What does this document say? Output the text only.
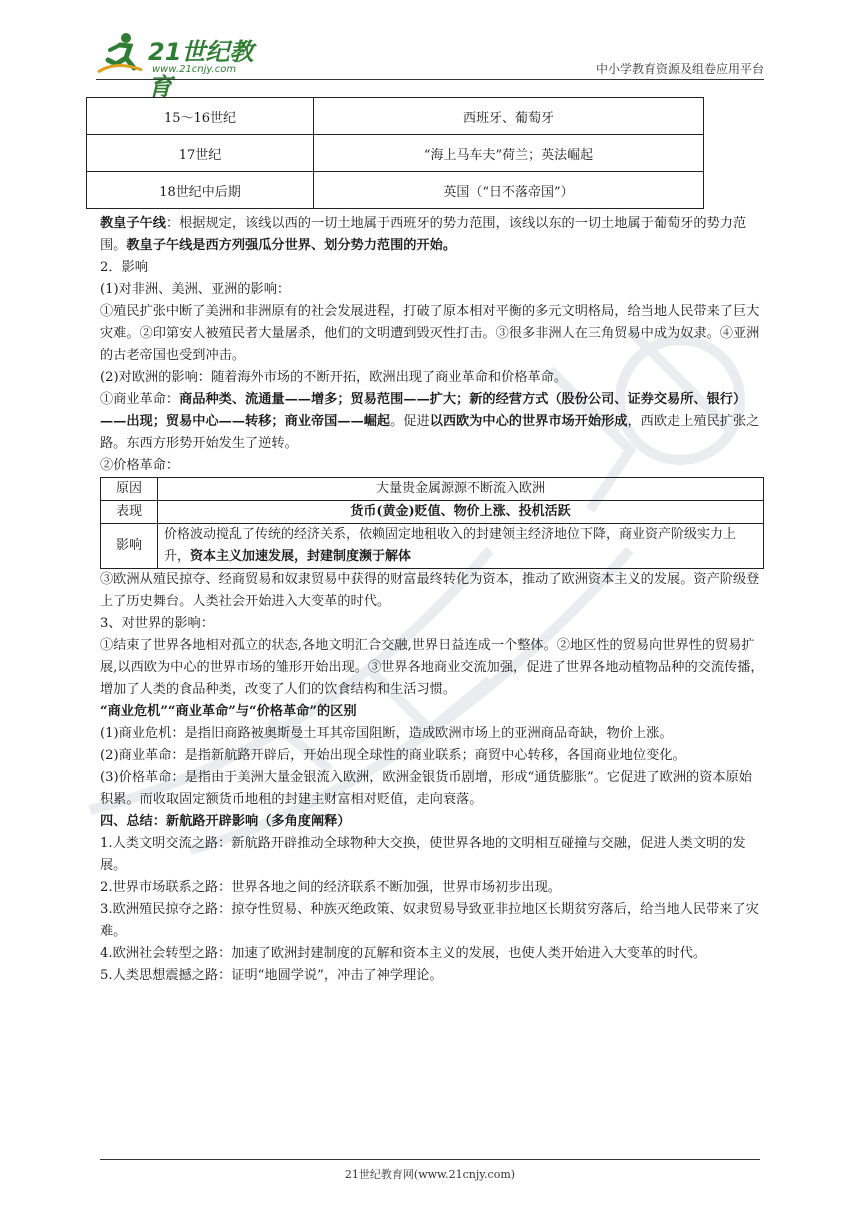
21世纪教育
www.21cnjy.com	中小学教育资源及组卷应用平台
15～16世纪	西班牙、葡萄牙
17世纪	“海上马车夫”荷兰；英法崛起
18世纪中后期	英国（“日不落帝国”）

教皇子午线：根据规定，该线以西的一切土地属于西班牙的势力范围，该线以东的一切土地属于葡萄牙的势力范围。教皇子午线是西方列强瓜分世界、划分势力范围的开始。

2．影响

(1)对非洲、美洲、亚洲的影响：

①殖民扩张中断了美洲和非洲原有的社会发展进程，打破了原本相对平衡的多元文明格局，给当地人民带来了巨大灾难。②印第安人被殖民者大量屠杀，他们的文明遭到毁灭性打击。③很多非洲人在三角贸易中成为奴隶。④亚洲的古老帝国也受到冲击。

(2)对欧洲的影响：随着海外市场的不断开拓，欧洲出现了商业革命和价格革命。

①商业革命：商品种类、流通量——增多；贸易范围——扩大；新的经营方式（股份公司、证券交易所、银行）——出现；贸易中心——转移；商业帝国——崛起。促进以西欧为中心的世界市场开始形成，西欧走上殖民扩张之路。东西方形势开始发生了逆转。

②价格革命：

原因	大量贵金属源源不断流入欧洲
表现	货币(黄金)贬值、物价上涨、投机活跃
影响	价格波动搅乱了传统的经济关系，依赖固定地租收入的封建领主经济地位下降，商业资产阶级实力上升，资本主义加速发展，封建制度濒于解体

③欧洲从殖民掠夺、经商贸易和奴隶贸易中获得的财富最终转化为资本，推动了欧洲资本主义的发展。资产阶级登上了历史舞台。人类社会开始进入大变革的时代。

3、对世界的影响：

①结束了世界各地相对孤立的状态,各地文明汇合交融,世界日益连成一个整体。②地区性的贸易向世界性的贸易扩展,以西欧为中心的世界市场的雏形开始出现。③世界各地商业交流加强，促进了世界各地动植物品种的交流传播，增加了人类的食品种类，改变了人们的饮食结构和生活习惯。

“商业危机”“商业革命”与“价格革命”的区别

(1)商业危机：是指旧商路被奥斯曼土耳其帝国阻断，造成欧洲市场上的亚洲商品奇缺，物价上涨。

(2)商业革命：是指新航路开辟后，开始出现全球性的商业联系；商贸中心转移，各国商业地位变化。

(3)价格革命：是指由于美洲大量金银流入欧洲，欧洲金银货币剧增，形成“通货膨胀”。它促进了欧洲的资本原始积累。而收取固定额货币地租的封建主财富相对贬值，走向衰落。

四、总结：新航路开辟影响（多角度阐释）

1.人类文明交流之路：新航路开辟推动全球物种大交换，使世界各地的文明相互碰撞与交融，促进人类文明的发展。

2.世界市场联系之路：世界各地之间的经济联系不断加强，世界市场初步出现。

3.欧洲殖民掠夺之路：掠夺性贸易、种族灭绝政策、奴隶贸易导致亚非拉地区长期贫穷落后，给当地人民带来了灾难。

4.欧洲社会转型之路：加速了欧洲封建制度的瓦解和资本主义的发展，也使人类开始进入大变革的时代。

5.人类思想震撼之路：证明“地圆学说”，冲击了神学理论。

21世纪教育网(www.21cnjy.com)
